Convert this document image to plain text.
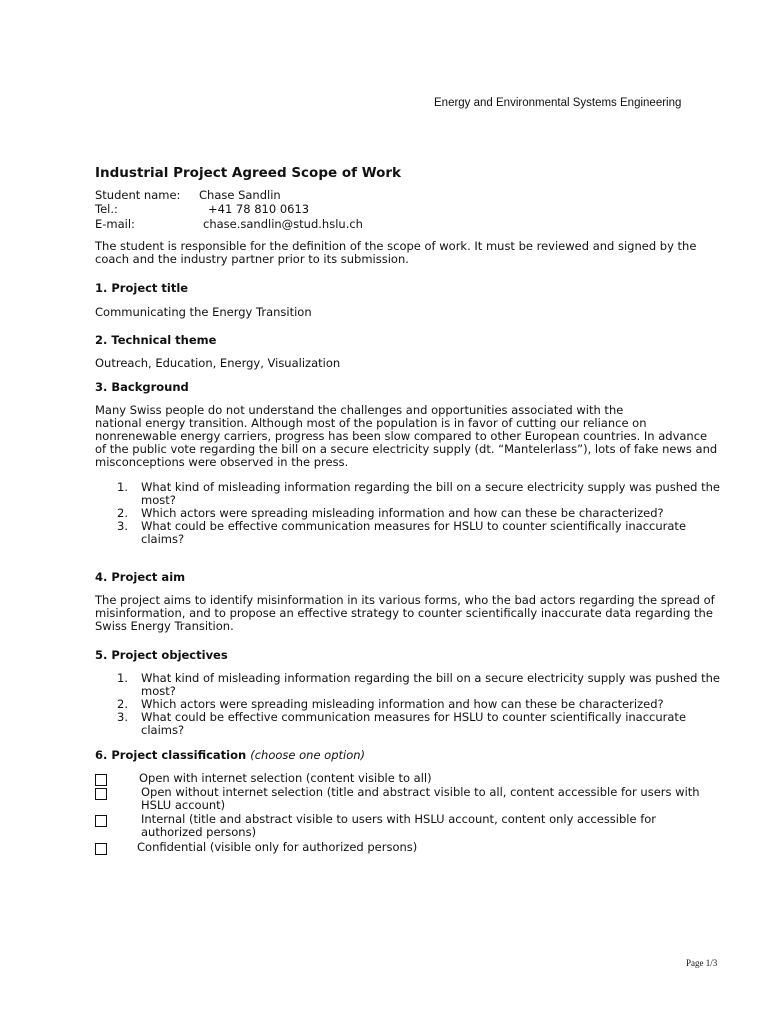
Energy and Environmental Systems Engineering
Industrial Project Agreed Scope of Work
Student name: Chase Sandlin
Tel.:	+41 78 810 0613
E-mail:	chase.sandlin@stud.hslu.ch
The student is responsible for the definition of the scope of work. It must be reviewed and signed by the coach and the industry partner prior to its submission.
1. Project title
Communicating the Energy Transition
2. Technical theme
Outreach, Education, Energy, Visualization
3. Background
Many Swiss people do not understand the challenges and opportunities associated with the
national energy transition. Although most of the population is in favor of cutting our reliance on
nonrenewable energy carriers, progress has been slow compared to other European countries. In advance
of the public vote regarding the bill on a secure electricity supply (dt. “Mantelerlass”), lots of fake news and
misconceptions were observed in the press.
1.	What kind of misleading information regarding the bill on a secure electricity supply was pushed the most?
2.	Which actors were spreading misleading information and how can these be characterized?
3.	What could be effective communication measures for HSLU to counter scientifically inaccurate claims?
4. Project aim
The project aims to identify misinformation in its various forms, who the bad actors regarding the spread of misinformation, and to propose an effective strategy to counter scientifically inaccurate data regarding the Swiss Energy Transition.
5. Project objectives
1.	What kind of misleading information regarding the bill on a secure electricity supply was pushed the most?
2.	Which actors were spreading misleading information and how can these be characterized?
3.	What could be effective communication measures for HSLU to counter scientifically inaccurate claims?
6. Project classification (choose one option)
Open with internet selection (content visible to all)
Open without internet selection (title and abstract visible to all, content accessible for users with HSLU account)
Internal (title and abstract visible to users with HSLU account, content only accessible for authorized persons)
Confidential (visible only for authorized persons)
Page 1/3
